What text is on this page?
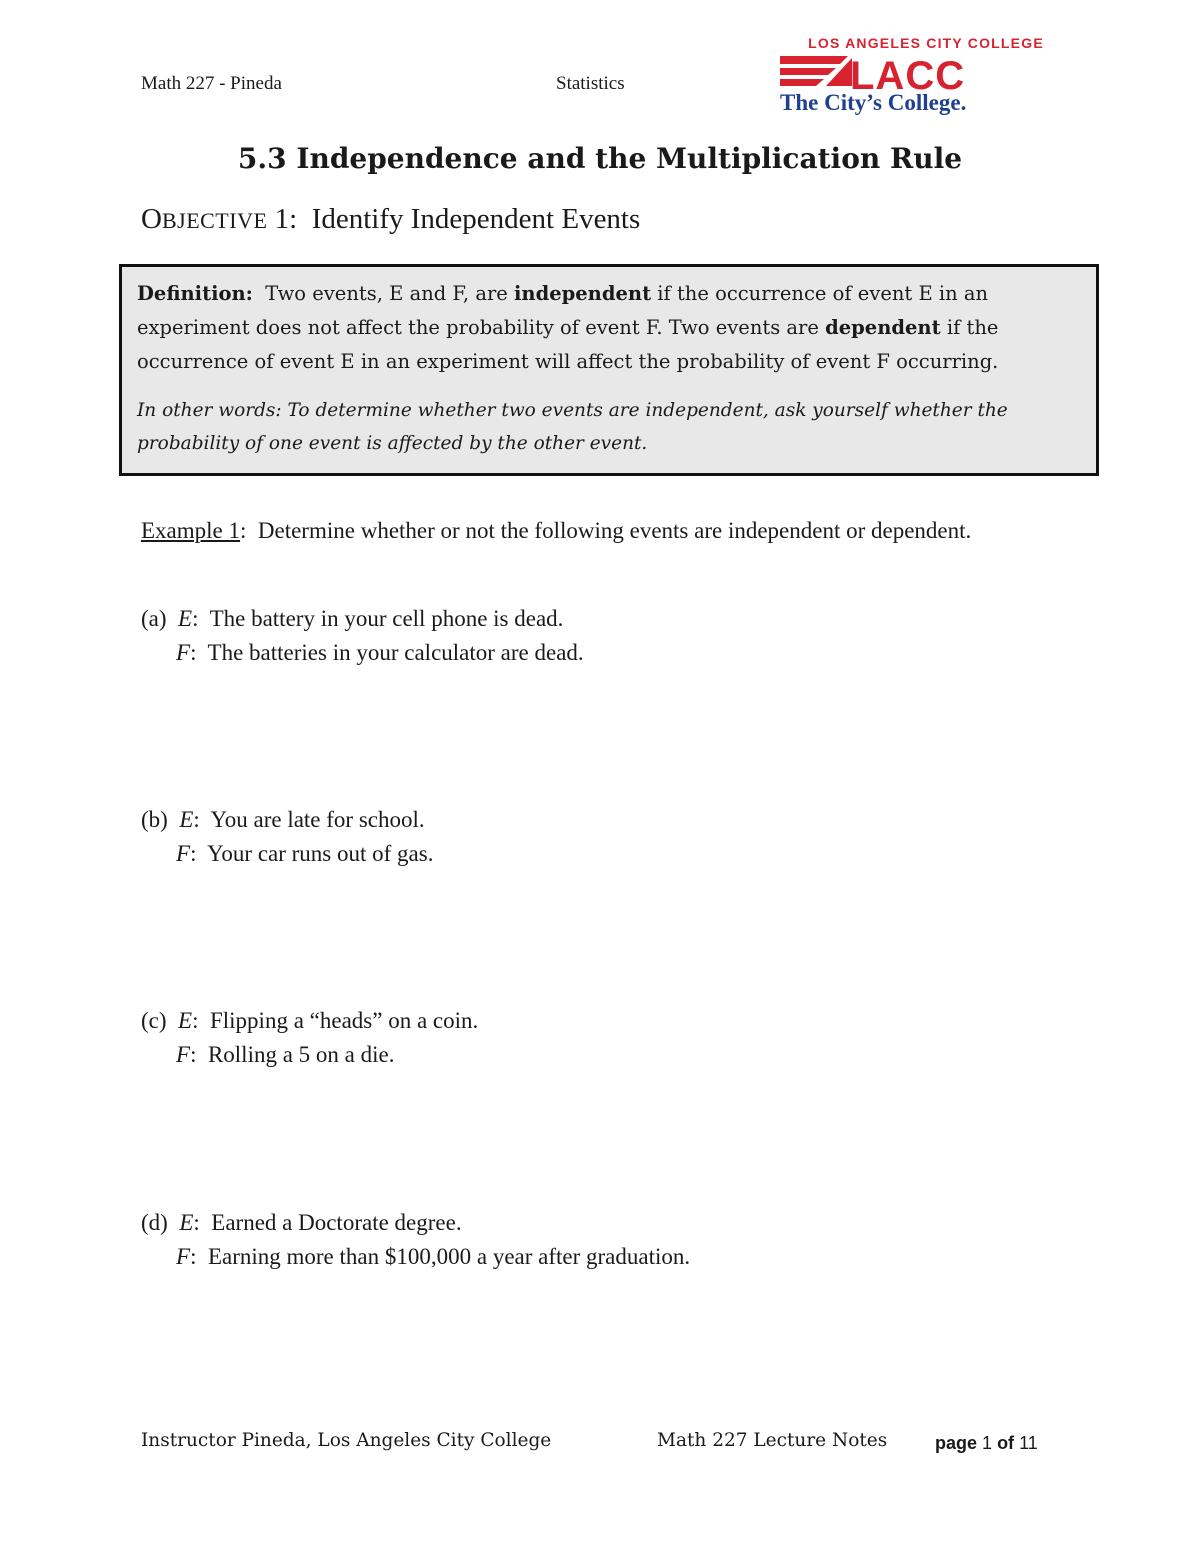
Math 227 - Pineda	Statistics
LOS ANGELES CITY COLLEGE
LACC
The City’s College.
5.3 Independence and the Multiplication Rule
OBJECTIVE 1: Identify Independent Events

Definition: Two events, E and F, are independent if the occurrence of event E in an experiment does not affect the probability of event F. Two events are dependent if the occurrence of event E in an experiment will affect the probability of event F occurring.

In other words: To determine whether two events are independent, ask yourself whether the probability of one event is affected by the other event.

Example 1:  Determine whether or not the following events are independent or dependent.
(a) E:  The battery in your cell phone is dead.
F:  The batteries in your calculator are dead.
(b) E:  You are late for school.
F:  Your car runs out of gas.
(c) E:  Flipping a “heads” on a coin.
F:  Rolling a 5 on a die.
(d) E:  Earned a Doctorate degree.
F:  Earning more than $100,000 a year after graduation.
Instructor Pineda, Los Angeles City College	Math 227 Lecture Notes	page 1 of 11
